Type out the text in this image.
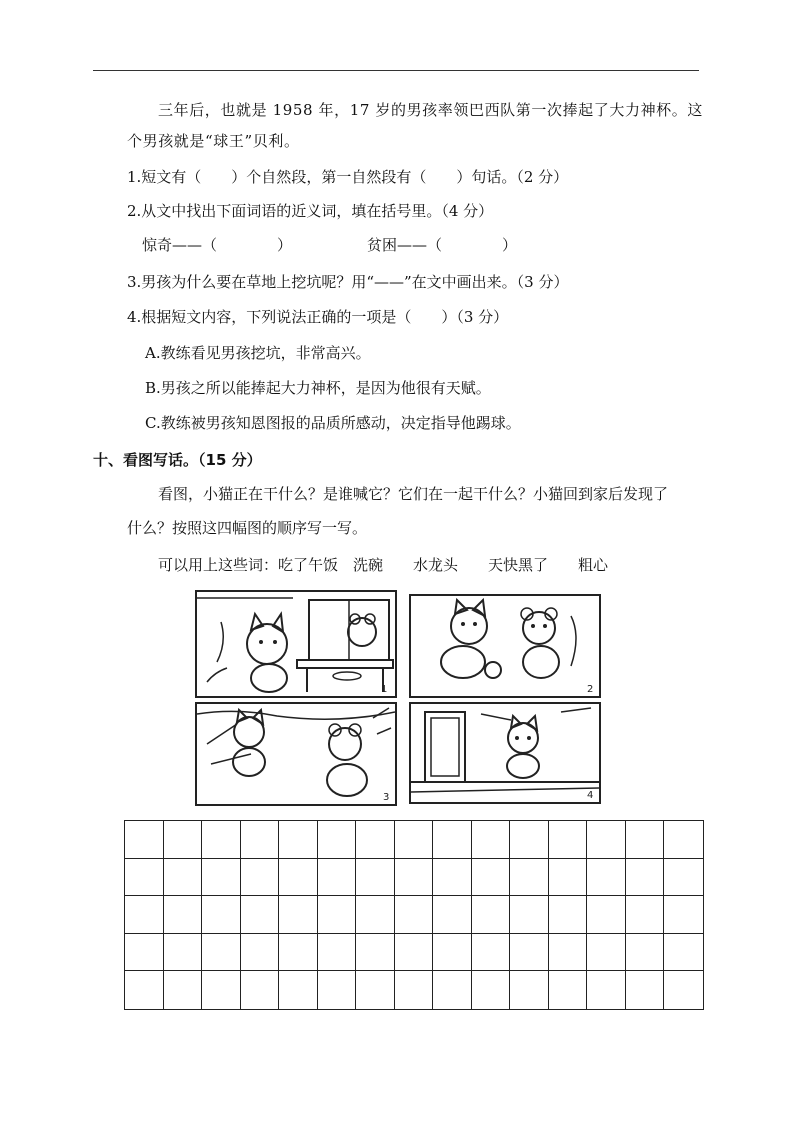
三年后，也就是 1958 年，17 岁的男孩率领巴西队第一次捧起了大力神杯。这
个男孩就是“球王”贝利。
1.短文有（　　）个自然段，第一自然段有（　　）句话。（2 分）
2.从文中找出下面词语的近义词，填在括号里。（4 分）
惊奇——（　　　　）	贫困——（　　　　）
3.男孩为什么要在草地上挖坑呢？用“——”在文中画出来。（3 分）
4.根据短文内容，下列说法正确的一项是（　　）（3 分）
A.教练看见男孩挖坑，非常高兴。
B.男孩之所以能捧起大力神杯，是因为他很有天赋。
C.教练被男孩知恩图报的品质所感动，决定指导他踢球。
十、看图写话。（15 分）
看图，小猫正在干什么？是谁喊它？它们在一起干什么？小猫回到家后发现了
什么？按照这四幅图的顺序写一写。
可以用上这些词：吃了午饭　洗碗　　水龙头　　天快黑了　　粗心
1	2
3	4
